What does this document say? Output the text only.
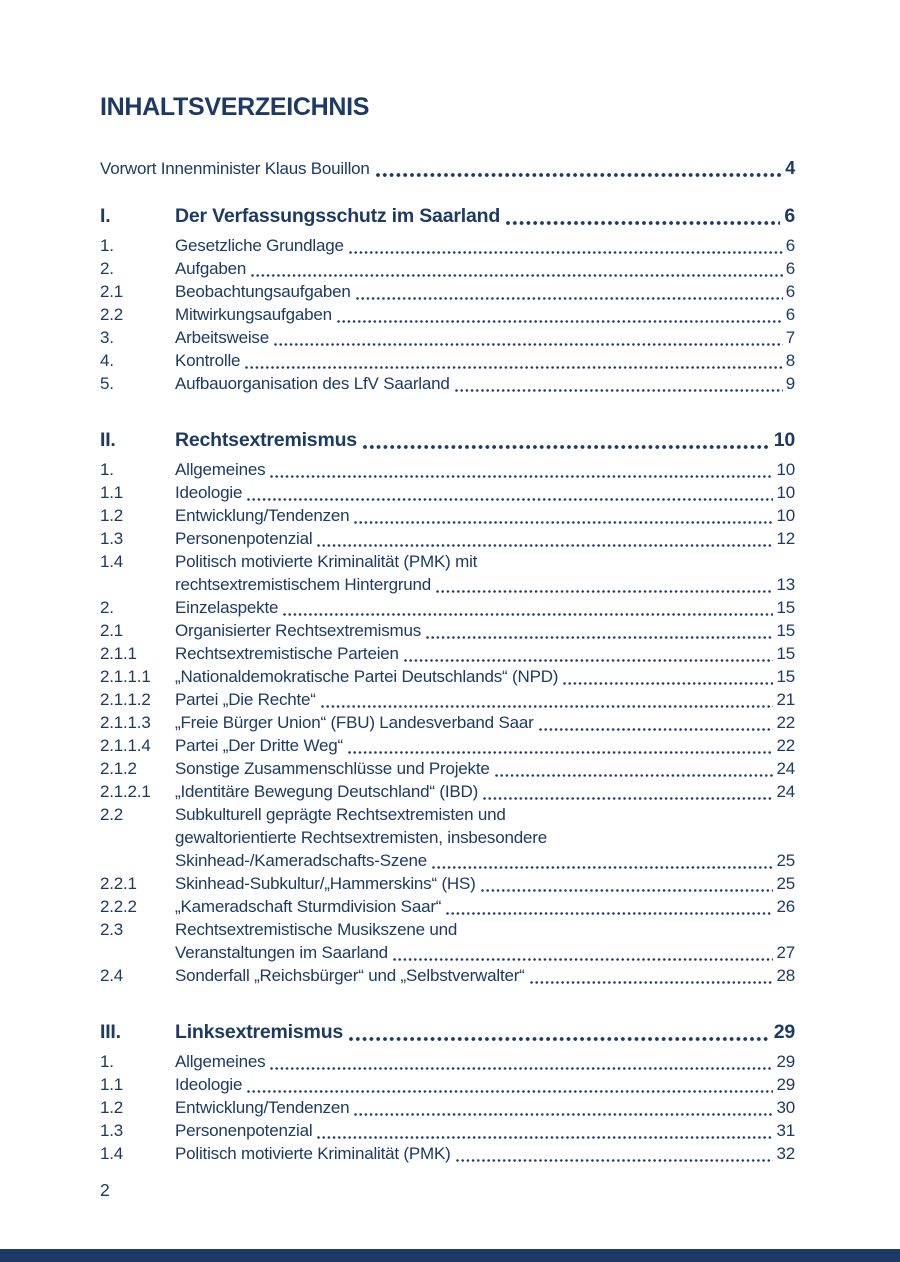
INHALTSVERZEICHNIS
Vorwort Innenminister Klaus Bouillon	4
I.	Der Verfassungsschutz im Saarland	6
1.	Gesetzliche Grundlage	6
2.	Aufgaben	6
2.1	Beobachtungsaufgaben	6
2.2	Mitwirkungsaufgaben	6
3.	Arbeitsweise	7
4.	Kontrolle	8
5.	Aufbauorganisation des LfV Saarland	9
II.	Rechtsextremismus	10
1.	Allgemeines	10
1.1	Ideologie	10
1.2	Entwicklung/Tendenzen	10
1.3	Personenpotenzial	12
1.4	Politisch motivierte Kriminalität (PMK) mit
rechtsextremistischem Hintergrund	13
2.	Einzelaspekte	15
2.1	Organisierter Rechtsextremismus	15
2.1.1	Rechtsextremistische Parteien	15
2.1.1.1	„Nationaldemokratische Partei Deutschlands“ (NPD)	15
2.1.1.2	Partei „Die Rechte“	21
2.1.1.3	„Freie Bürger Union“ (FBU) Landesverband Saar	22
2.1.1.4	Partei „Der Dritte Weg“	22
2.1.2	Sonstige Zusammenschlüsse und Projekte	24
2.1.2.1	„Identitäre Bewegung Deutschland“ (IBD)	24
2.2	Subkulturell geprägte Rechtsextremisten und
gewaltorientierte Rechtsextremisten, insbesondere
Skinhead-/Kameradschafts-Szene	25
2.2.1	Skinhead-Subkultur/„Hammerskins“ (HS)	25
2.2.2	„Kameradschaft Sturmdivision Saar“	26
2.3	Rechtsextremistische Musikszene und
Veranstaltungen im Saarland	27
2.4	Sonderfall „Reichsbürger“ und „Selbstverwalter“	28
III.	Linksextremismus	29
1.	Allgemeines	29
1.1	Ideologie	29
1.2	Entwicklung/Tendenzen	30
1.3	Personenpotenzial	31
1.4	Politisch motivierte Kriminalität (PMK)	32
2
